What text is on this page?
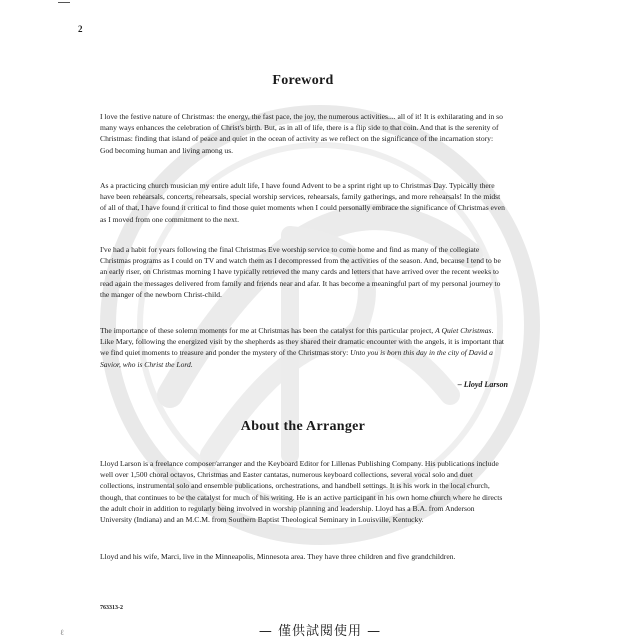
2
Foreword

I love the festive nature of Christmas: the energy, the fast pace, the joy, the numerous activities.... all of it! It is exhilarating and in so many ways enhances the celebration of Christ's birth. But, as in all of life, there is a flip side to that coin. And that is the serenity of Christmas: finding that island of peace and quiet in the ocean of activity as we reflect on the significance of the incarnation story: God becoming human and living among us.

As a practicing church musician my entire adult life, I have found Advent to be a sprint right up to Christmas Day. Typically there have been rehearsals, concerts, rehearsals, special worship services, rehearsals, family gatherings, and more rehearsals! In the midst of all of that, I have found it critical to find those quiet moments when I could personally embrace the significance of Christmas even as I moved from one commitment to the next.

I've had a habit for years following the final Christmas Eve worship service to come home and find as many of the collegiate Christmas programs as I could on TV and watch them as I decompressed from the activities of the season. And, because I tend to be an early riser, on Christmas morning I have typically retrieved the many cards and letters that have arrived over the recent weeks to read again the messages delivered from family and friends near and afar. It has become a meaningful part of my personal journey to the manger of the newborn Christ-child.

The importance of these solemn moments for me at Christmas has been the catalyst for this particular project, A Quiet Christmas. Like Mary, following the energized visit by the shepherds as they shared their dramatic encounter with the angels, it is important that we find quiet moments to treasure and ponder the mystery of the Christmas story: Unto you is born this day in the city of David a Savior, who is Christ the Lord.

– Lloyd Larson
About the Arranger

Lloyd Larson is a freelance composer/arranger and the Keyboard Editor for Lillenas Publishing Company. His publications include well over 1,500 choral octavos, Christmas and Easter cantatas, numerous keyboard collections, several vocal solo and duet collections, instrumental solo and ensemble publications, orchestrations, and handbell settings. It is his work in the local church, though, that continues to be the catalyst for much of his writing. He is an active participant in his own home church where he directs the adult choir in addition to regularly being involved in worship planning and leadership. Lloyd has a B.A. from Anderson University (Indiana) and an M.C.M. from Southern Baptist Theological Seminary in Louisville, Kentucky.

Lloyd and his wife, Marci, live in the Minneapolis, Minnesota area. They have three children and five grandchildren.

763313-2
— 僅供試閱使用 —
ℓ
